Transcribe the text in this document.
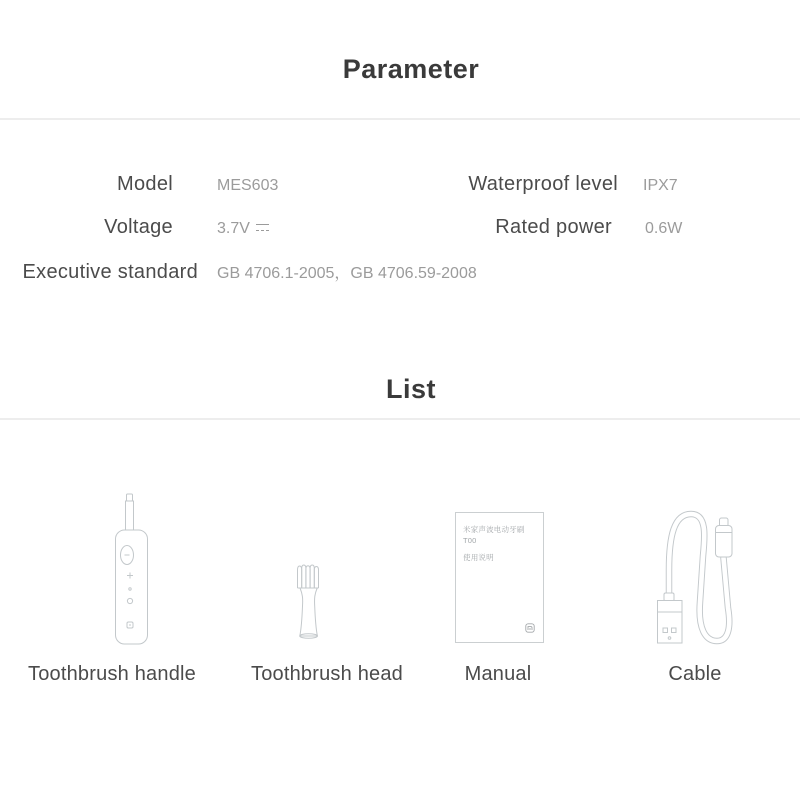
Parameter
Model	MES603	Waterproof level IPX7
Voltage	3.7V	Rated power 0.6W
Executive standard GB 4706.1-2005，GB 4706.59-2008
List
米家声波电动牙刷T00
使用说明
Toothbrush handle	Toothbrush head	Manual	Cable
